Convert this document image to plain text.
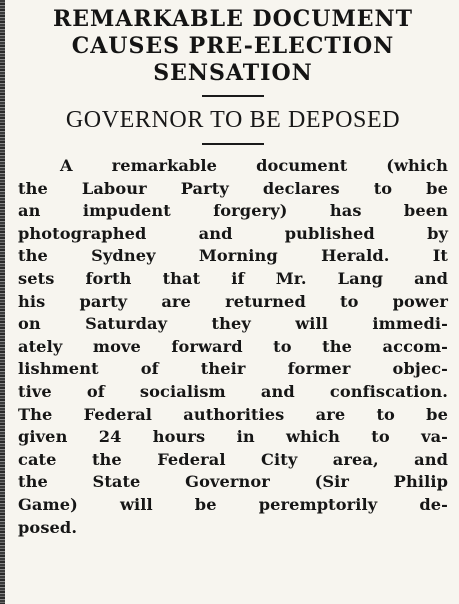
REMARKABLE DOCUMENT
CAUSES PRE-ELECTION
SENSATION
GOVERNOR TO BE DEPOSED
A remarkable document (which
the Labour Party declares to be
an impudent forgery) has been
photographed and published by
the Sydney Morning Herald. It
sets forth that if Mr. Lang and
his party are returned to power
on Saturday they will immedi-
ately move forward to the accom-
lishment of their former objec-
tive of socialism and confiscation.
The Federal authorities are to be
given 24 hours in which to va-
cate the Federal City area, and
the State Governor (Sir Philip
Game) will be peremptorily de-
posed.
